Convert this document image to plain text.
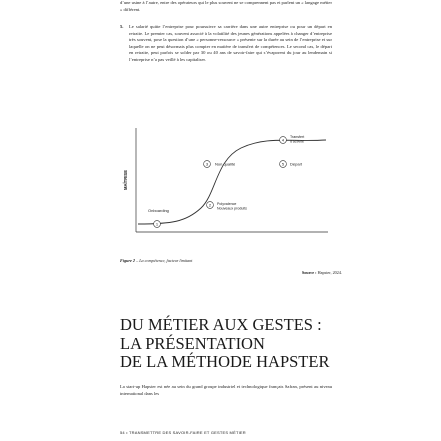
d’une usine à l’autre, entre des opérateurs qui le plus souvent ne se comprennent pas et parlent un « langage métier » différent.

5.	Le salarié quitte l’entreprise pour poursuivre sa carrière dans une autre entreprise ou pour un départ en retraite. Le premier cas, souvent associé à la volatilité des jeunes générations appelées à changer d’entreprise très souvent, pose la question d’une « personne-ressource » présente sur la durée au sein de l’entreprise et sur laquelle on ne peut désormais plus compter en matière de transfert de compétences. Le second cas, le départ en retraite, peut parfois se solder par 30 ou 40 ans de savoir-faire qui s’évaporent du jour au lendemain si l’entreprise n’a pas veillé à les capitaliser.

MAÎTRISE
Onboarding
1
2 Polyvalence
Nouveaux produits
3 Non qualité
4
Transfert
d’activité
5 Départ
Figure 2 – La compétence, facteur limitant
Source : Hapster, 2024.
DU MÉTIER AUX GESTES :
LA PRÉSENTATION
DE LA MÉTHODE HAPSTER

La start-up Hapster est née au sein du grand groupe industriel et technologique français Safran, présent au niveau international dans les

54 • TRANSMETTRE DES SAVOIR-FAIRE ET GESTES MÉTIER
